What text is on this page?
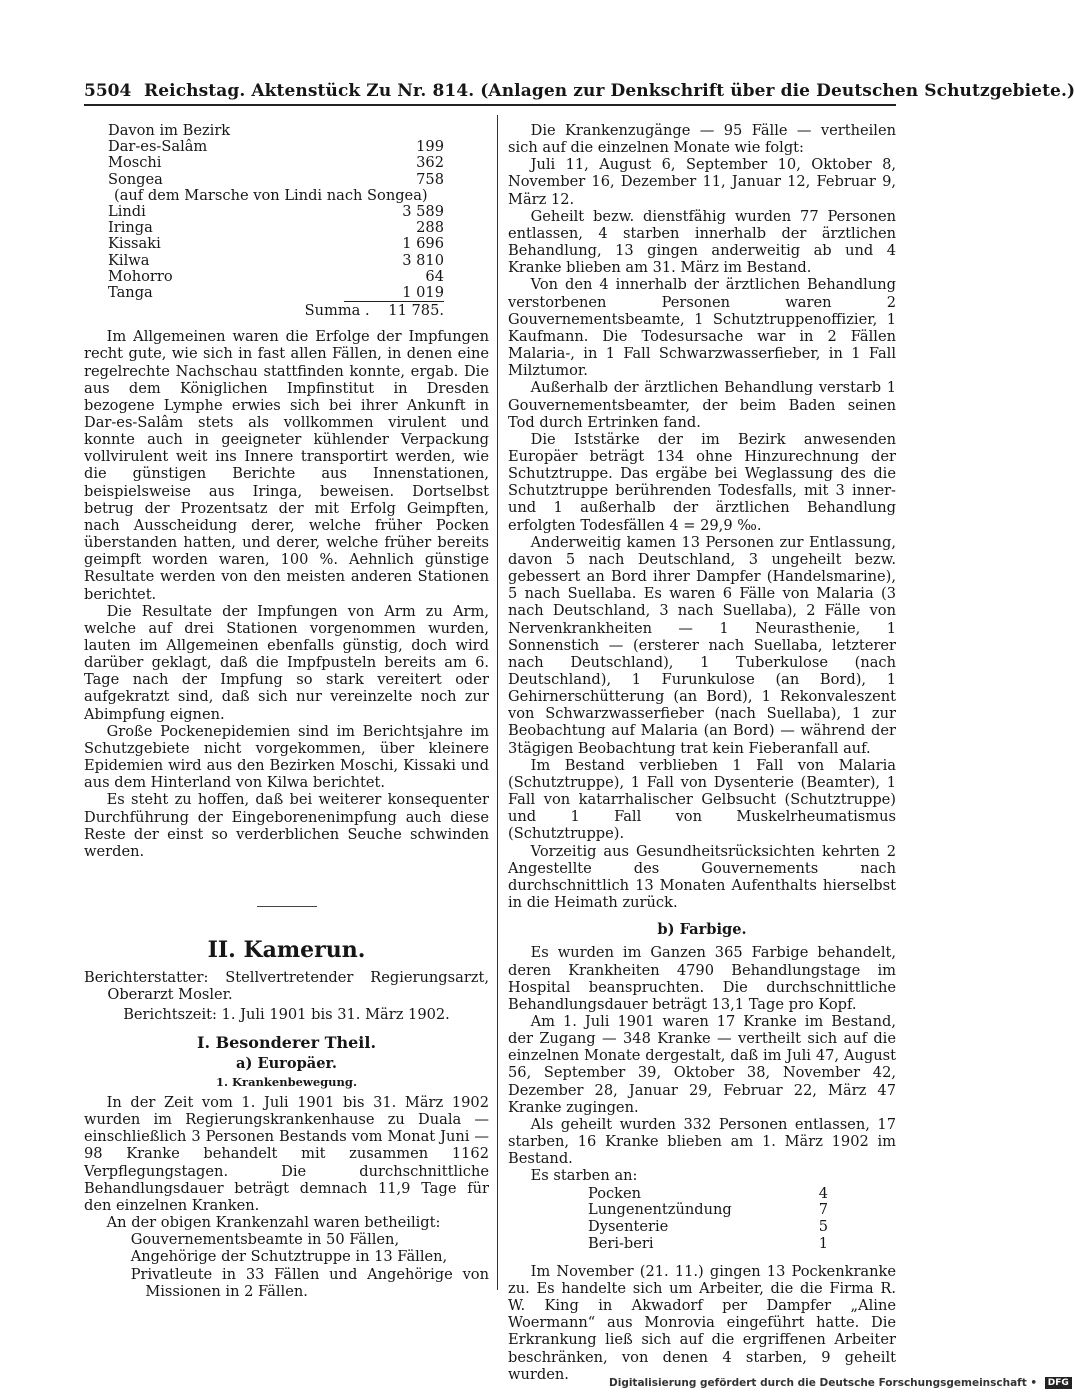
5504 Reichstag. Aktenstück Zu Nr. 814. (Anlagen zur Denkschrift über die Deutschen Schutzgebiete.)

Davon im Bezirk

Dar-es-Salâm	199
Moschi	362
Songea	758
(auf dem Marsche von Lindi nach Songea)	
Lindi	3 589
Iringa	288
Kissaki	1 696
Kilwa	3 810
Mohorro	64
Tanga	1 019
Summa . 11 785.

Im Allgemeinen waren die Erfolge der Impfungen recht gute, wie sich in fast allen Fällen, in denen eine regelrechte Nachschau stattfinden konnte, ergab. Die aus dem Königlichen Impfinstitut in Dresden bezogene Lymphe erwies sich bei ihrer Ankunft in Dar-es-Salâm stets als vollkommen virulent und konnte auch in geeigneter kühlender Verpackung vollvirulent weit ins Innere transportirt werden, wie die günstigen Berichte aus Innenstationen, beispielsweise aus Iringa, beweisen. Dortselbst betrug der Prozentsatz der mit Erfolg Geimpften, nach Ausscheidung derer, welche früher Pocken überstanden hatten, und derer, welche früher bereits geimpft worden waren, 100 %. Aehnlich günstige Resultate werden von den meisten anderen Stationen berichtet.

Die Resultate der Impfungen von Arm zu Arm, welche auf drei Stationen vorgenommen wurden, lauten im Allgemeinen ebenfalls günstig, doch wird darüber geklagt, daß die Impfpusteln bereits am 6. Tage nach der Impfung so stark vereitert oder aufgekratzt sind, daß sich nur vereinzelte noch zur Abimpfung eignen.

Große Pockenepidemien sind im Berichtsjahre im Schutzgebiete nicht vorgekommen, über kleinere Epidemien wird aus den Bezirken Moschi, Kissaki und aus dem Hinterland von Kilwa berichtet.

Es steht zu hoffen, daß bei weiterer konsequenter Durchführung der Eingeborenenimpfung auch diese Reste der einst so verderblichen Seuche schwinden werden.

II. Kamerun.

Berichterstatter: Stellvertretender Regierungsarzt, Oberarzt Mosler.

Berichtszeit: 1. Juli 1901 bis 31. März 1902.

I. Besonderer Theil.

a) Europäer.

1. Krankenbewegung.

In der Zeit vom 1. Juli 1901 bis 31. März 1902 wurden im Regierungskrankenhause zu Duala — einschließlich 3 Personen Bestands vom Monat Juni — 98 Kranke behandelt mit zusammen 1162 Verpflegungstagen. Die durchschnittliche Behandlungsdauer beträgt demnach 11,9 Tage für den einzelnen Kranken.

An der obigen Krankenzahl waren betheiligt:

Gouvernementsbeamte in 50 Fällen,

Angehörige der Schutztruppe in 13 Fällen,

Privatleute in 33 Fällen und Angehörige von Missionen in 2 Fällen.

Die Krankenzugänge — 95 Fälle — vertheilen sich auf die einzelnen Monate wie folgt:

Juli 11, August 6, September 10, Oktober 8, November 16, Dezember 11, Januar 12, Februar 9, März 12.

Geheilt bezw. dienstfähig wurden 77 Personen entlassen, 4 starben innerhalb der ärztlichen Behandlung, 13 gingen anderweitig ab und 4 Kranke blieben am 31. März im Bestand.

Von den 4 innerhalb der ärztlichen Behandlung verstorbenen Personen waren 2 Gouvernementsbeamte, 1 Schutztruppenoffizier, 1 Kaufmann. Die Todesursache war in 2 Fällen Malaria-, in 1 Fall Schwarzwasserfieber, in 1 Fall Milztumor.

Außerhalb der ärztlichen Behandlung verstarb 1 Gouvernementsbeamter, der beim Baden seinen Tod durch Ertrinken fand.

Die Iststärke der im Bezirk anwesenden Europäer beträgt 134 ohne Hinzurechnung der Schutztruppe. Das ergäbe bei Weglassung des die Schutztruppe berührenden Todesfalls, mit 3 inner- und 1 außerhalb der ärztlichen Behandlung erfolgten Todesfällen 4 = 29,9 ‰.

Anderweitig kamen 13 Personen zur Entlassung, davon 5 nach Deutschland, 3 ungeheilt bezw. gebessert an Bord ihrer Dampfer (Handelsmarine), 5 nach Suellaba. Es waren 6 Fälle von Malaria (3 nach Deutschland, 3 nach Suellaba), 2 Fälle von Nervenkrankheiten — 1 Neurasthenie, 1 Sonnenstich — (ersterer nach Suellaba, letzterer nach Deutschland), 1 Tuberkulose (nach Deutschland), 1 Furunkulose (an Bord), 1 Gehirnerschütterung (an Bord), 1 Rekonvaleszent von Schwarzwasserfieber (nach Suellaba), 1 zur Beobachtung auf Malaria (an Bord) — während der 3tägigen Beobachtung trat kein Fieberanfall auf.

Im Bestand verblieben 1 Fall von Malaria (Schutztruppe), 1 Fall von Dysenterie (Beamter), 1 Fall von katarrhalischer Gelbsucht (Schutztruppe) und 1 Fall von Muskelrheumatismus (Schutztruppe).

Vorzeitig aus Gesundheitsrücksichten kehrten 2 Angestellte des Gouvernements nach durchschnittlich 13 Monaten Aufenthalts hierselbst in die Heimath zurück.

b) Farbige.

Es wurden im Ganzen 365 Farbige behandelt, deren Krankheiten 4790 Behandlungstage im Hospital beanspruchten. Die durchschnittliche Behandlungsdauer beträgt 13,1 Tage pro Kopf.

Am 1. Juli 1901 waren 17 Kranke im Bestand, der Zugang — 348 Kranke — vertheilt sich auf die einzelnen Monate dergestalt, daß im Juli 47, August 56, September 39, Oktober 38, November 42, Dezember 28, Januar 29, Februar 22, März 47 Kranke zugingen.

Als geheilt wurden 332 Personen entlassen, 17 starben, 16 Kranke blieben am 1. März 1902 im Bestand.

Es starben an:

Pocken	4
Lungenentzündung	7
Dysenterie	5
Beri-beri	1

Im November (21. 11.) gingen 13 Pockenkranke zu. Es handelte sich um Arbeiter, die die Firma R. W. King in Akwadorf per Dampfer „Aline Woermann“ aus Monrovia eingeführt hatte. Die Erkrankung ließ sich auf die ergriffenen Arbeiter beschränken, von denen 4 starben, 9 geheilt wurden.

Digitalisierung gefördert durch die Deutsche Forschungsgemeinschaft • DFG
